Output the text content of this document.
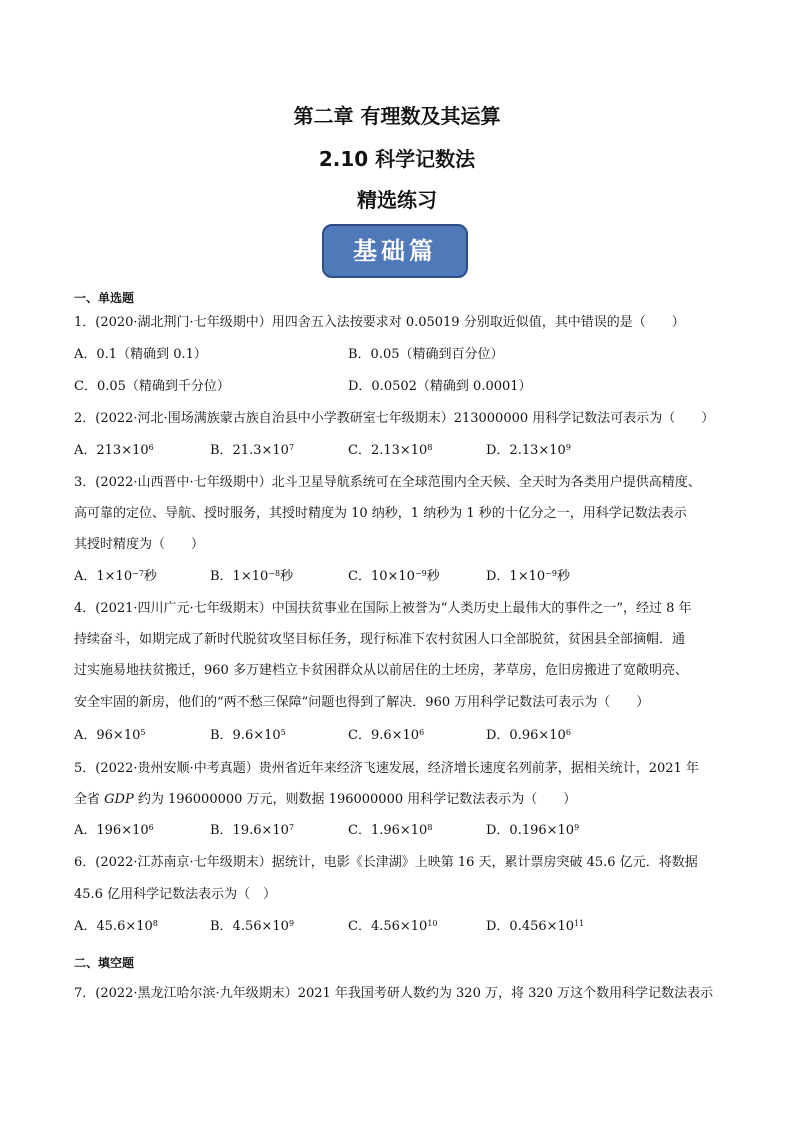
第二章 有理数及其运算
2.10 科学记数法
精选练习
基础篇
一、单选题
1．(2020·湖北荆门·七年级期中）用四舍五入法按要求对 0.05019 分别取近似值，其中错误的是（　　）
A．0.1（精确到 0.1）	B．0.05（精确到百分位）
C．0.05（精确到千分位）	D．0.0502（精确到 0.0001）
2．(2022·河北·围场满族蒙古族自治县中小学教研室七年级期末）213000000 用科学记数法可表示为（　　）
A．$213\times 10^6$	B．$21.3\times 10^7$	C．$2.13\times 10^8$	D．$2.13\times 10^9$
3．(2022·山西晋中·七年级期中）北斗卫星导航系统可在全球范围内全天候、全天时为各类用户提供高精度、
高可靠的定位、导航、授时服务，其授时精度为 10 纳秒，1 纳秒为 1 秒的十亿分之一，用科学记数法表示
其授时精度为（　　）
A．$1\times 10^{-7}$秒	B．$1\times 10^{-8}$秒	C．$10\times 10^{-9}$秒	D．$1\times 10^{-9}$秒
4．(2021·四川广元·七年级期末）中国扶贫事业在国际上被誉为“人类历史上最伟大的事件之一”，经过 8 年
持续奋斗，如期完成了新时代脱贫攻坚目标任务，现行标准下农村贫困人口全部脱贫，贫困县全部摘帽．通
过实施易地扶贫搬迁，960 多万建档立卡贫困群众从以前居住的土坯房，茅草房，危旧房搬进了宽敞明亮、
安全牢固的新房，他们的“两不愁三保障”问题也得到了解决．960 万用科学记数法可表示为（　　）
A．$96\times 10^5$	B．$9.6\times 10^5$	C．$9.6\times 10^6$	D．$0.96\times 10^6$
5．(2022·贵州安顺·中考真题）贵州省近年来经济飞速发展，经济增长速度名列前茅，据相关统计，2021 年
全省 GDP 约为 196000000 万元，则数据 196000000 用科学记数法表示为（　　）
A．$196\times 10^6$	B．$19.6\times 10^7$	C．$1.96\times 10^8$	D．$0.196\times 10^9$
6．(2022·江苏南京·七年级期末）据统计，电影《长津湖》上映第 16 天，累计票房突破 45.6 亿元．将数据
45.6 亿用科学记数法表示为（　）
A．$45.6\times 10^8$	B．$4.56\times 10^9$	C．$4.56\times 10^{10}$	D．$0.456\times 10^{11}$
二、填空题
7．(2022·黑龙江哈尔滨·九年级期末）2021 年我国考研人数约为 320 万，将 320 万这个数用科学记数法表示
